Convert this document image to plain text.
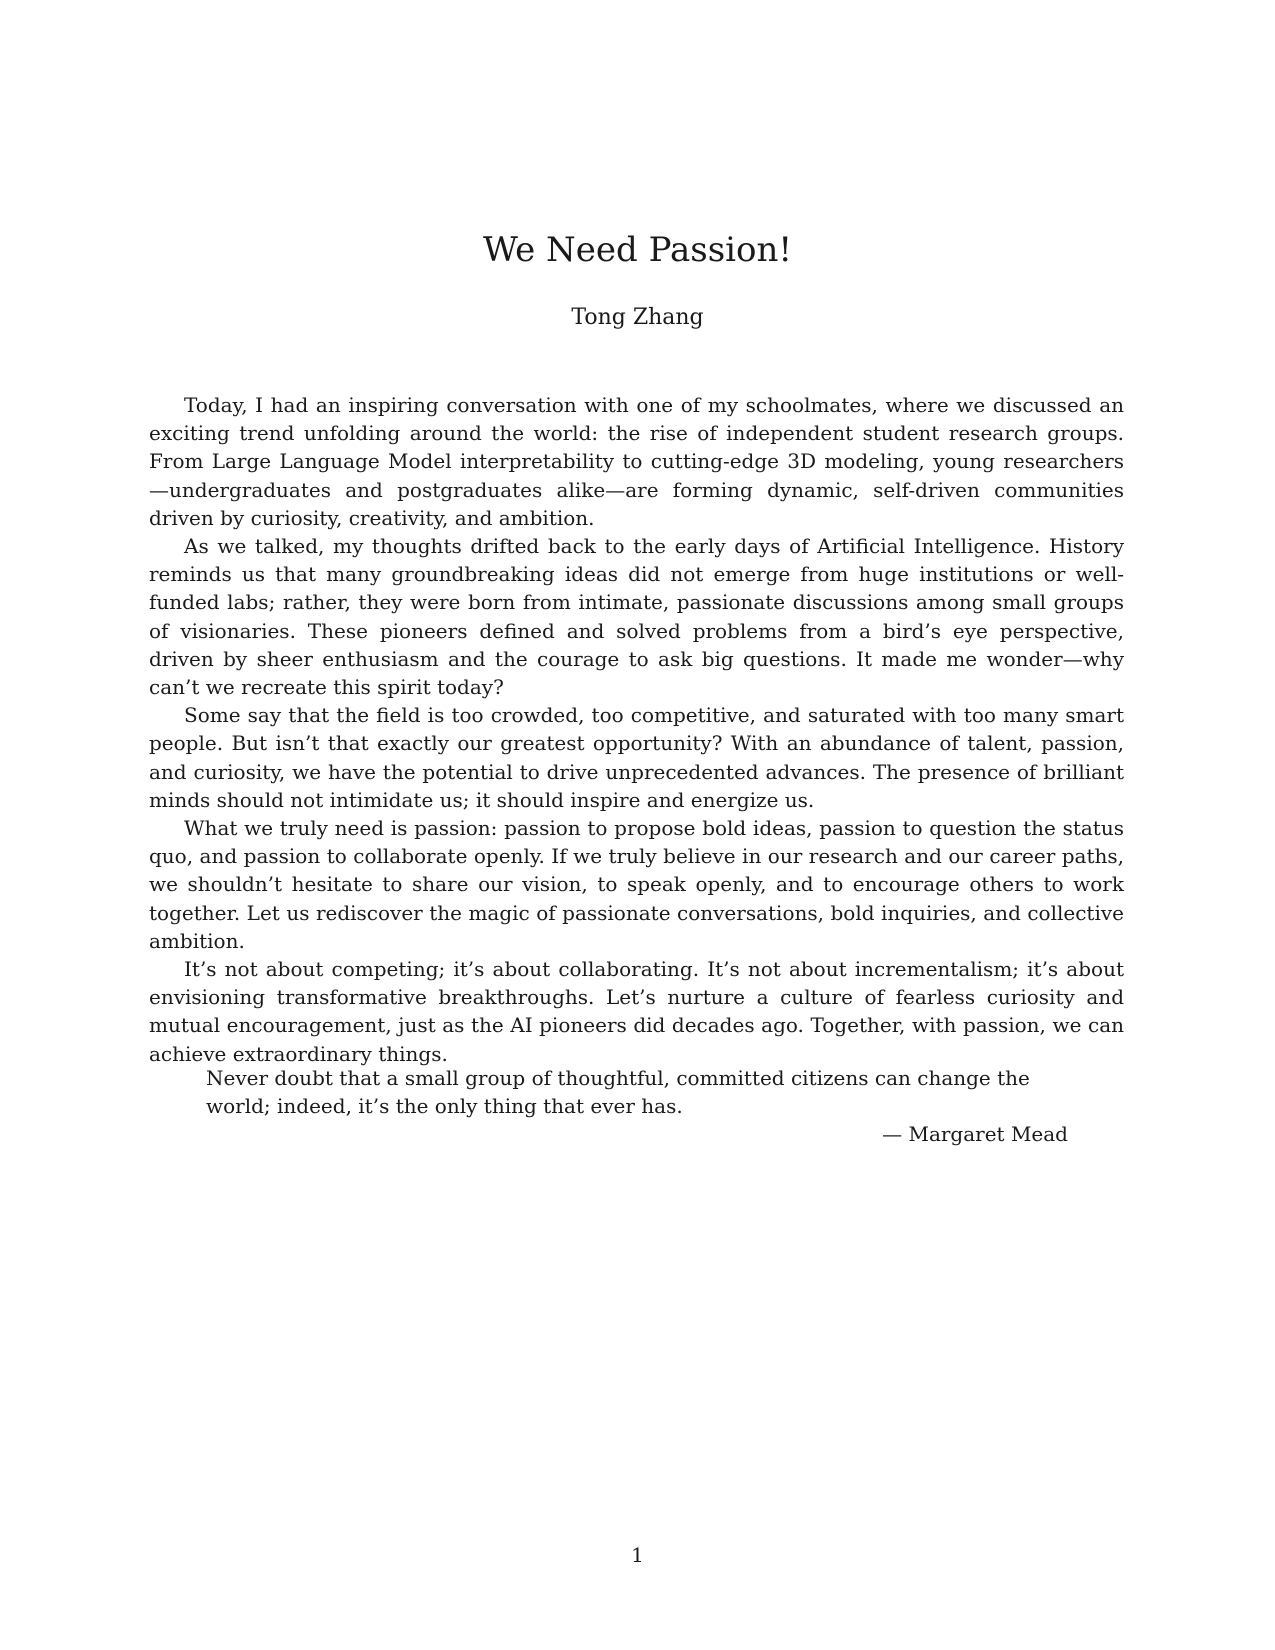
We Need Passion!
Tong Zhang

Today, I had an inspiring conversation with one of my schoolmates, where we discussed an exciting trend unfolding around the world: the rise of independent student research groups. From Large Language Model interpretability to cutting-edge 3D modeling, young researchers—undergraduates and postgraduates alike—are forming dynamic, self-driven communities driven by curiosity, creativity, and ambition.

As we talked, my thoughts drifted back to the early days of Artificial Intelligence. History reminds us that many groundbreaking ideas did not emerge from huge institutions or well-funded labs; rather, they were born from intimate, passionate discussions among small groups of visionaries. These pioneers defined and solved problems from a bird’s eye perspective, driven by sheer enthusiasm and the courage to ask big questions. It made me wonder—why can’t we recreate this spirit today?

Some say that the field is too crowded, too competitive, and saturated with too many smart people. But isn’t that exactly our greatest opportunity? With an abundance of talent, passion, and curiosity, we have the potential to drive unprecedented advances. The presence of brilliant minds should not intimidate us; it should inspire and energize us.

What we truly need is passion: passion to propose bold ideas, passion to question the status quo, and passion to collaborate openly. If we truly believe in our research and our career paths, we shouldn’t hesitate to share our vision, to speak openly, and to encourage others to work together. Let us rediscover the magic of passionate conversations, bold inquiries, and collective ambition.

It’s not about competing; it’s about collaborating. It’s not about incrementalism; it’s about envisioning transformative breakthroughs. Let’s nurture a culture of fearless curiosity and mutual encouragement, just as the AI pioneers did decades ago. Together, with passion, we can achieve extraordinary things.

Never doubt that a small group of thoughtful, committed citizens can change the world; indeed, it’s the only thing that ever has.
— Margaret Mead
1
